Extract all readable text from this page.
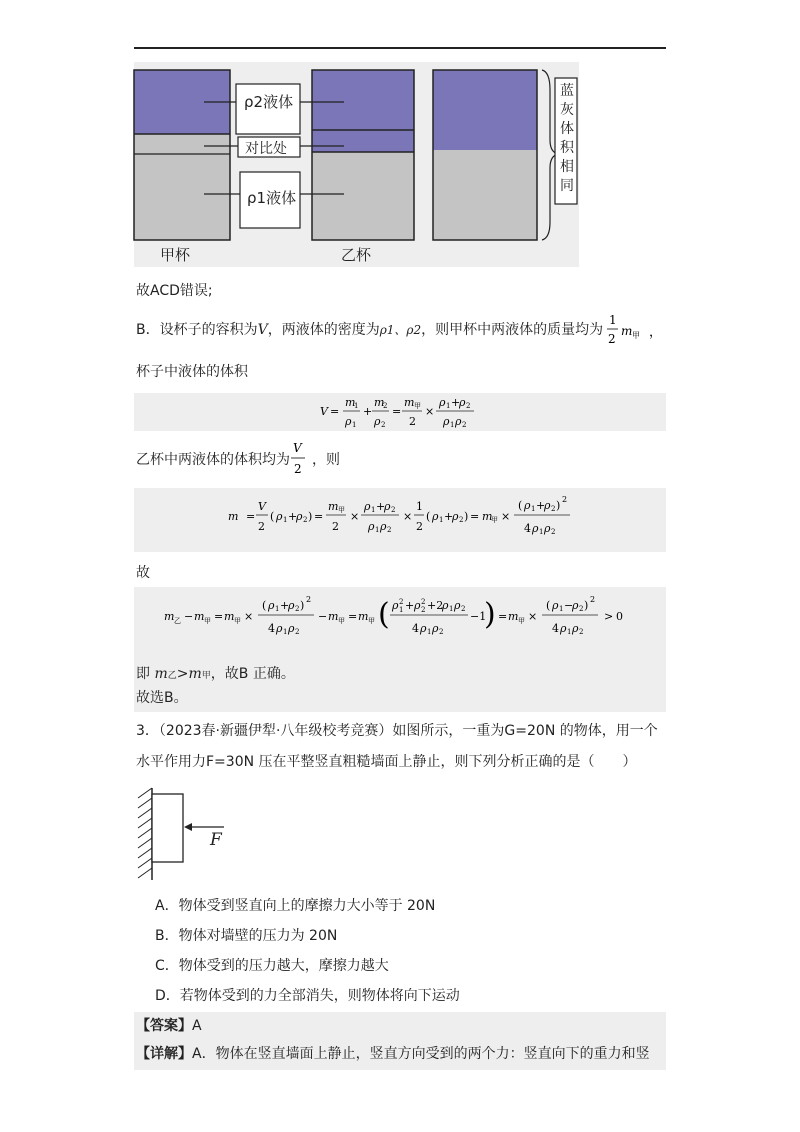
ρ2液体
对比处
ρ1液体
甲杯	乙杯
蓝
灰
体
积
相
同
故ACD错误;
B．设杯子的容积为V，两液体的密度为ρ1、ρ2，则甲杯中两液体的质量均为
1
2
m 甲 ，
杯子中液体的体积
V =
m
1
ρ 1
+
m
2
ρ 2
=
m 甲
2
×
ρ 1 +
ρ 2
ρ 1 ρ 2
乙杯中两液体的体积均为 ，则
V
2
m =
V
2
( ρ 1 +
ρ 2 ) =
m 甲
2
×
ρ 1 +
ρ 2
ρ 1 ρ 2
×
1
2
( ρ 1 +
ρ 2 ) = m
甲 ×
( ρ 1 +
ρ 2 ) 2
4 ρ 1 ρ 2
故
m 乙 − m 甲 = m 甲 ×
( ρ 1 +
ρ 2 ) 2
4 ρ 1 ρ 2
− m 甲 = m 甲 ( ρ 2
1 + ρ 2
2 +2
ρ 1 ρ 2
4 ρ 1 ρ 2
−1
) = m 甲 ×
( ρ 1 −
ρ 2 ) 2
4 ρ 1 ρ 2
> 0
即 m乙>m甲，故B 正确。
故选B。
3．（2023春·新疆伊犁·八年级校考竞赛）如图所示，一重为G=20N 的物体，用一个
水平作用力F=30N 压在平整竖直粗糙墙面上静止，则下列分析正确的是（　　）
F
A．物体受到竖直向上的摩擦力大小等于 20N
B．物体对墙壁的压力为 20N
C．物体受到的压力越大，摩擦力越大
D．若物体受到的力全部消失，则物体将向下运动
【答案】A
【详解】A．物体在竖直墙面上静止，竖直方向受到的两个力：竖直向下的重力和竖
